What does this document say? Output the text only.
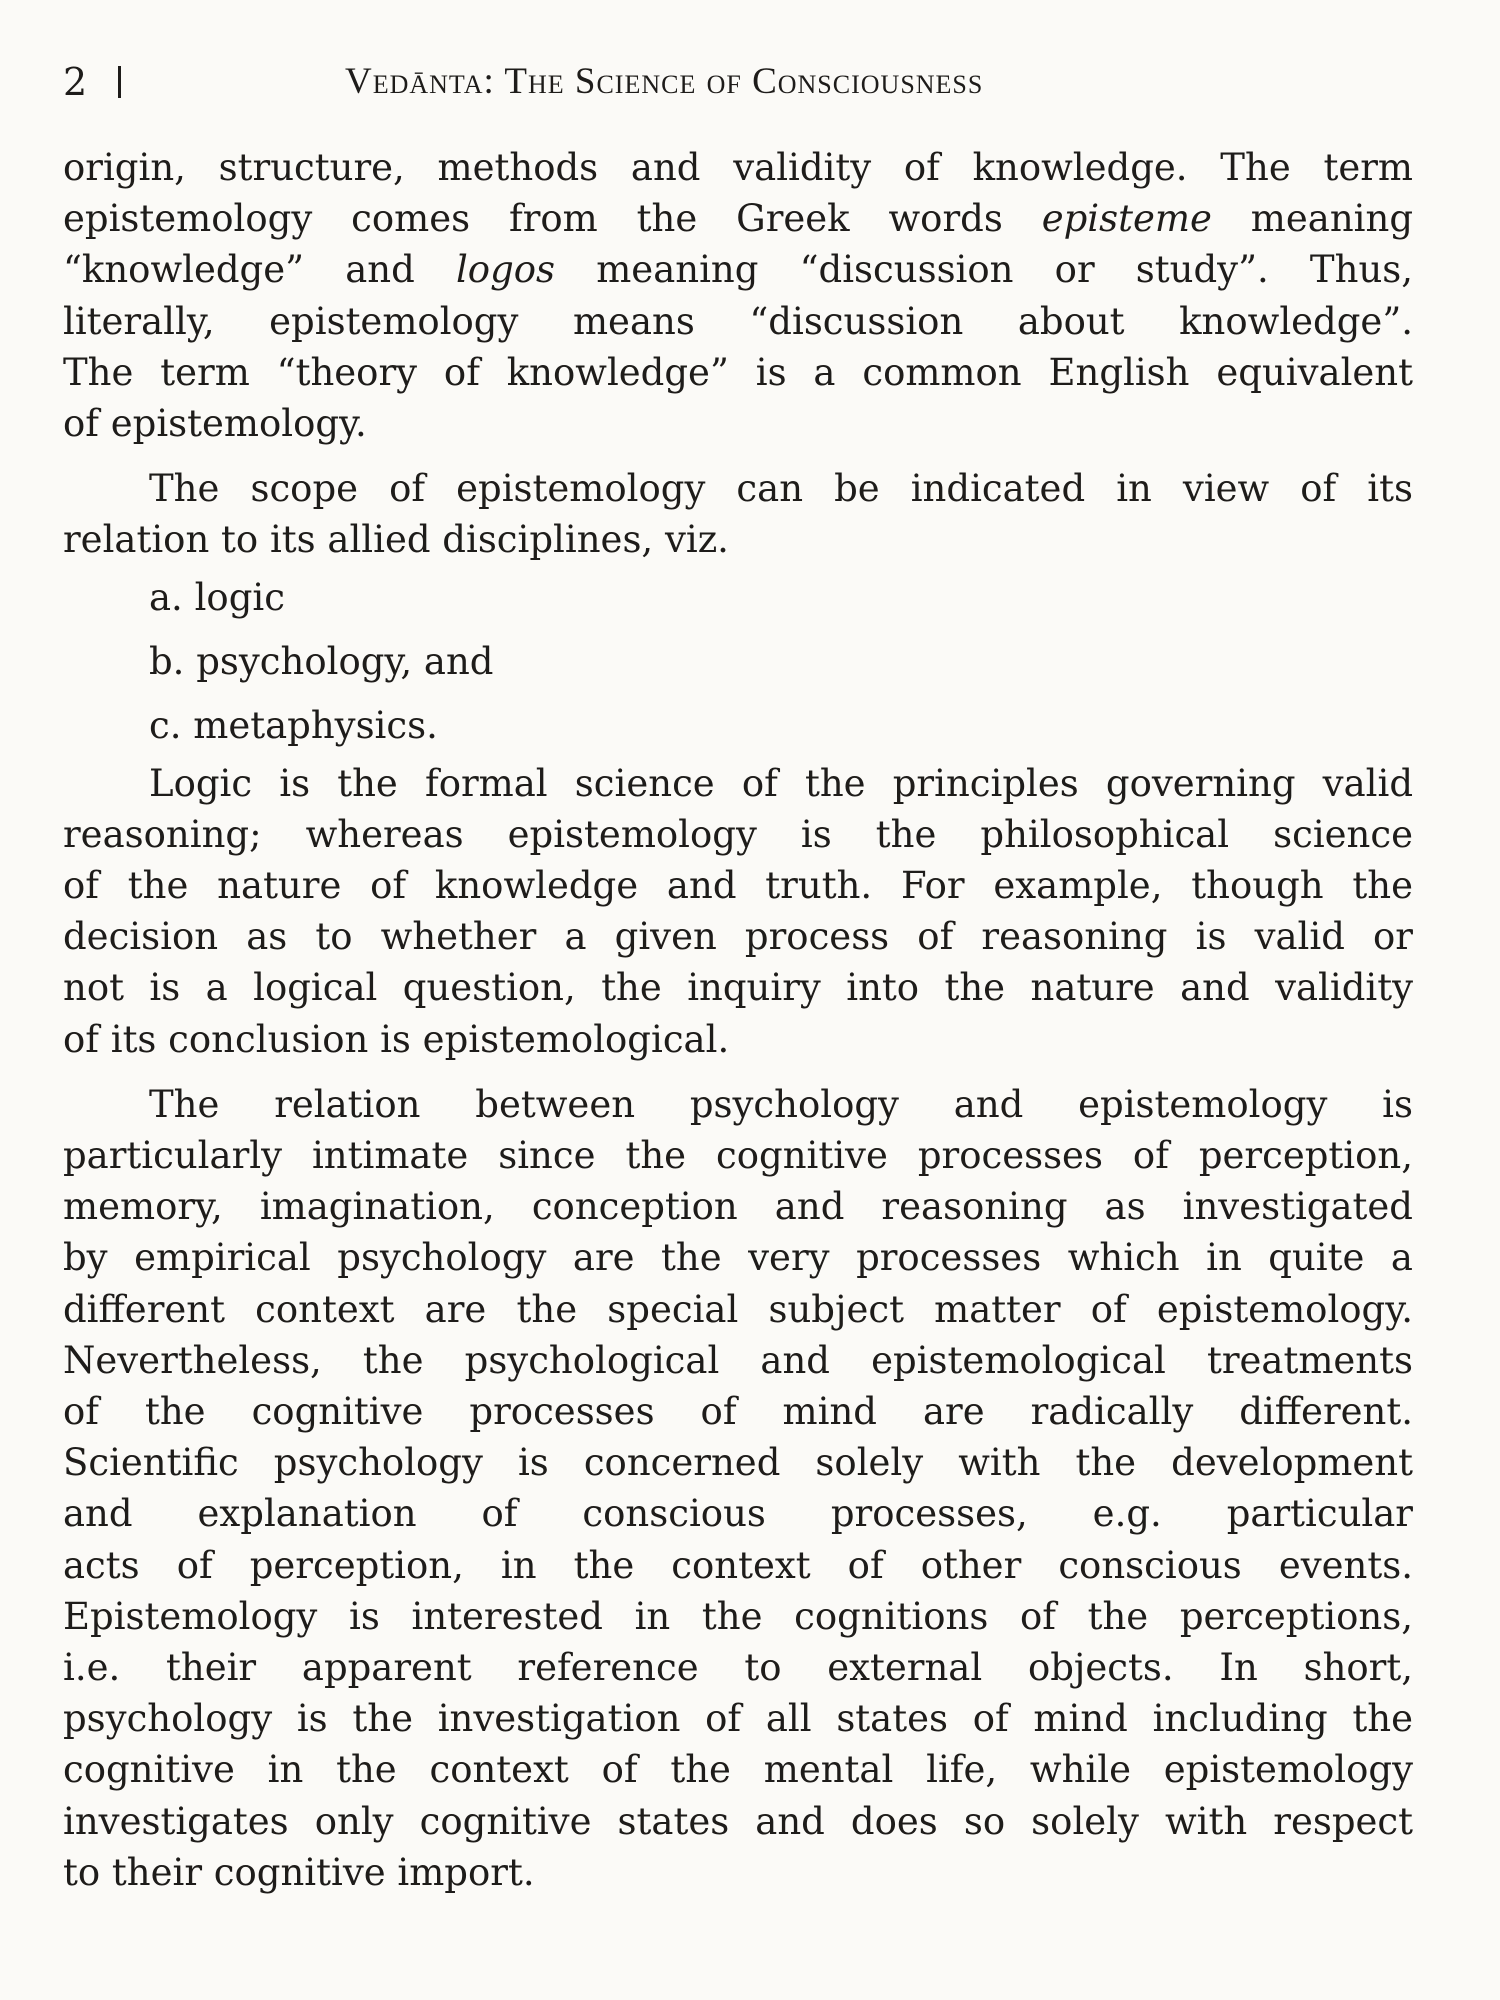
2	Vedānta: The Science of Consciousness
origin, structure, methods and validity of knowledge. The term
epistemology comes from the Greek words episteme meaning
“knowledge” and logos meaning “discussion or study”. Thus,
literally, epistemology means “discussion about knowledge”.
The term “theory of knowledge” is a common English equivalent
of epistemology.
The scope of epistemology can be indicated in view of its
relation to its allied disciplines, viz.
a. logic
b. psychology, and
c. metaphysics.
Logic is the formal science of the principles governing valid
reasoning; whereas epistemology is the philosophical science
of the nature of knowledge and truth. For example, though the
decision as to whether a given process of reasoning is valid or
not is a logical question, the inquiry into the nature and validity
of its conclusion is epistemological.
The relation between psychology and epistemology is
particularly intimate since the cognitive processes of perception,
memory, imagination, conception and reasoning as investigated
by empirical psychology are the very processes which in quite a
different context are the special subject matter of epistemology.
Nevertheless, the psychological and epistemological treatments
of the cognitive processes of mind are radically different.
Scientific psychology is concerned solely with the development
and explanation of conscious processes, e.g. particular
acts of perception, in the context of other conscious events.
Epistemology is interested in the cognitions of the perceptions,
i.e. their apparent reference to external objects. In short,
psychology is the investigation of all states of mind including the
cognitive in the context of the mental life, while epistemology
investigates only cognitive states and does so solely with respect
to their cognitive import.
